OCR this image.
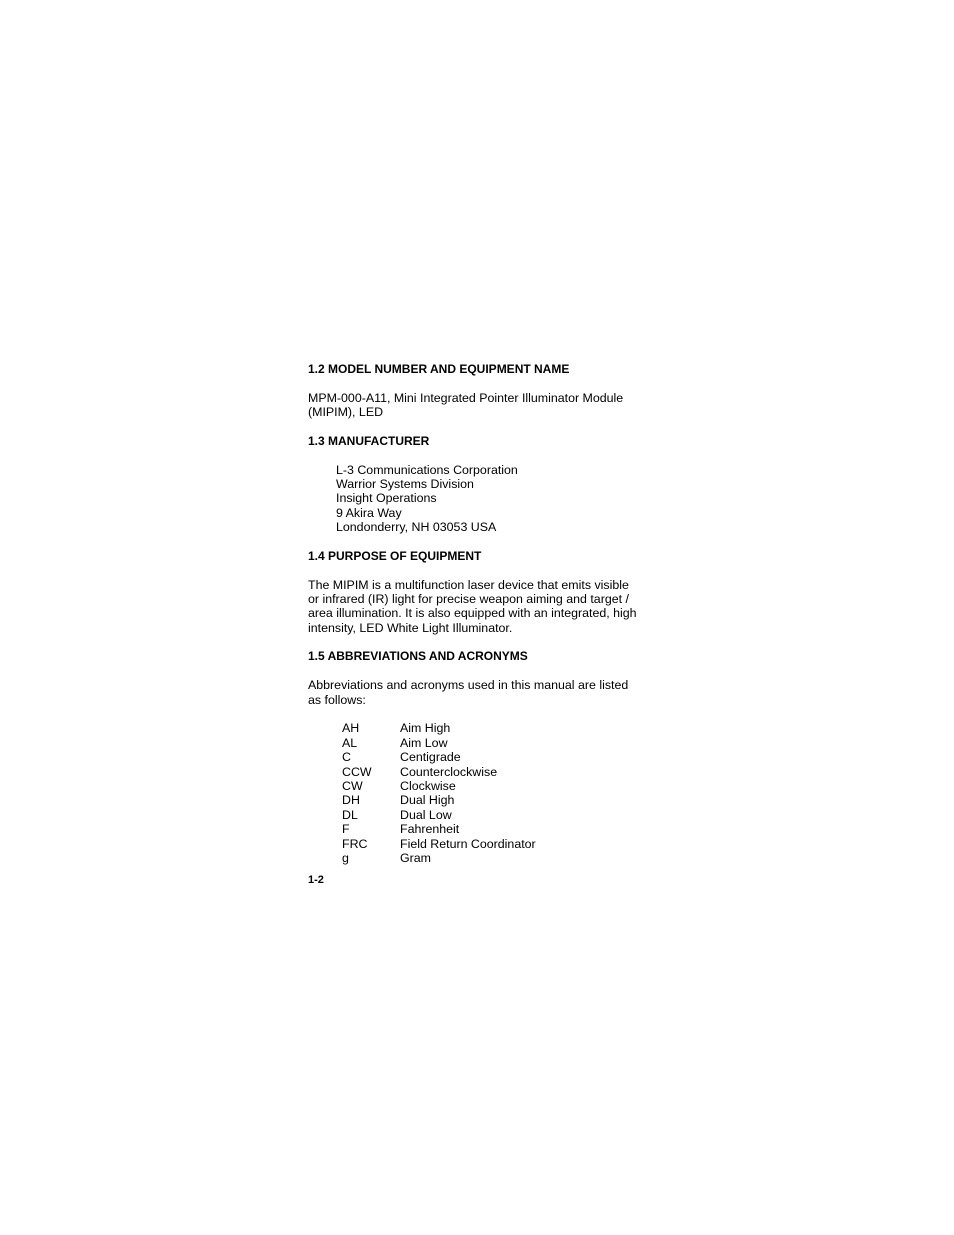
1.2 MODEL NUMBER AND EQUIPMENT NAME
MPM-000-A11, Mini Integrated Pointer Illuminator Module
(MIPIM), LED
1.3 MANUFACTURER
L-3 Communications Corporation
Warrior Systems Division
Insight Operations
9 Akira Way
Londonderry, NH 03053 USA
1.4 PURPOSE OF EQUIPMENT
The MIPIM is a multifunction laser device that emits visible
or infrared (IR) light for precise weapon aiming and target /
area illumination. It is also equipped with an integrated, high
intensity, LED White Light Illuminator.
1.5 ABBREVIATIONS AND ACRONYMS
Abbreviations and acronyms used in this manual are listed
as follows:
AH	Aim High
AL	Aim Low
C	Centigrade
CCW	Counterclockwise
CW	Clockwise
DH	Dual High
DL	Dual Low
F	Fahrenheit
FRC	Field Return Coordinator
g	Gram
1-2
